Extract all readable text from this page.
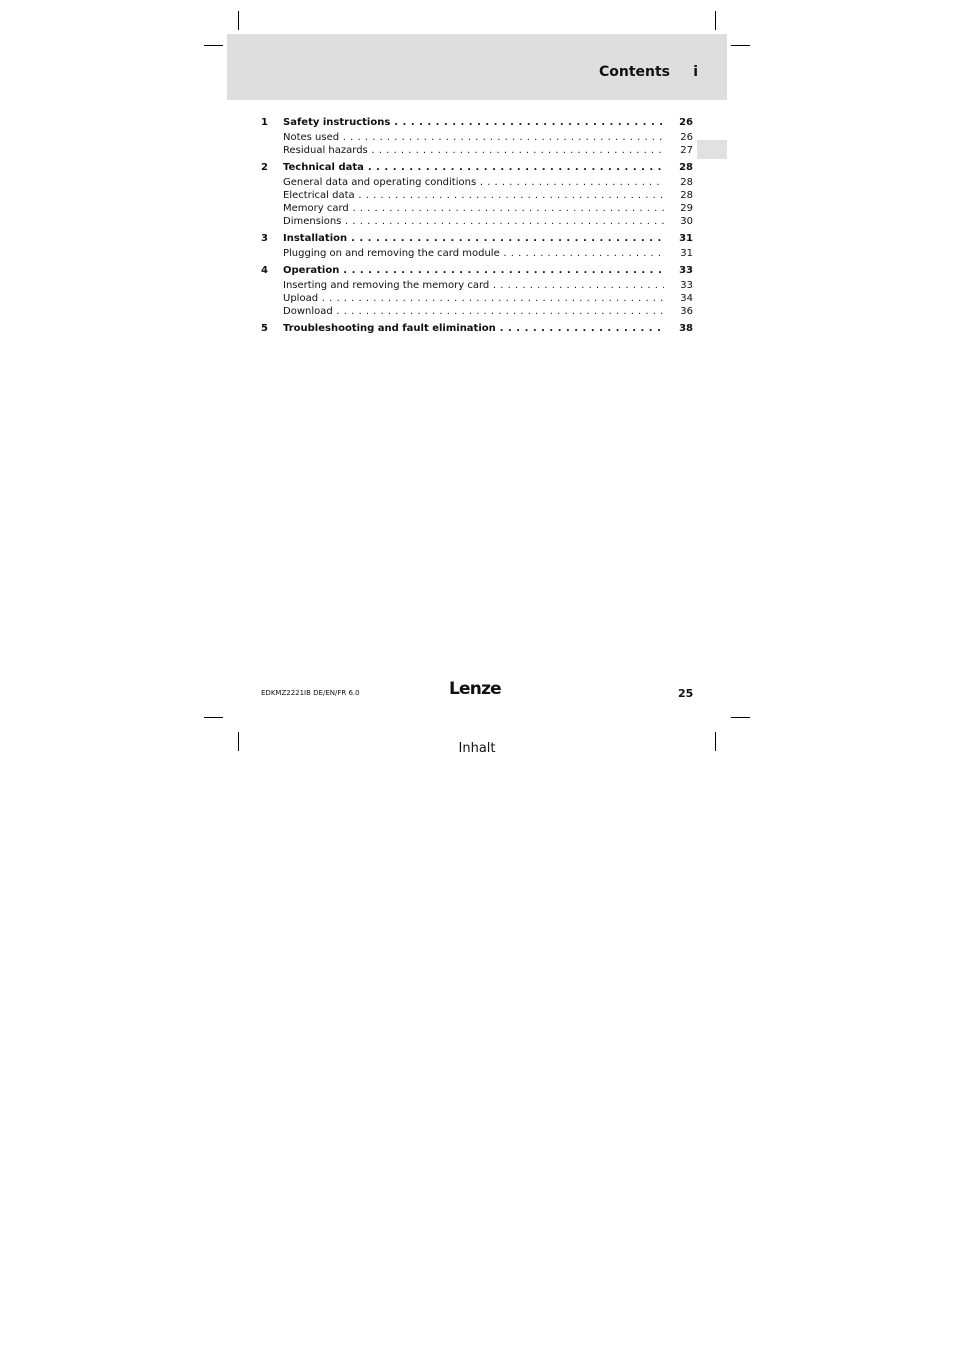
Contents i
1 Safety instructions . . .	26
Notes used . . .	26
Residual hazards . . .	27
2 Technical data . . .	28
General data and operating conditions . . .	28
Electrical data . . .	28
Memory card . . .	29
Dimensions . . .	30
3 Installation . . .	31
Plugging on and removing the card module . . .	31
4 Operation . . .	33
Inserting and removing the memory card . . .	33
Upload . . .	34
Download . . .	36
5 Troubleshooting and fault elimination . . .	38
EDKMZ2221IB DE/EN/FR 6.0	Lenze	25
Inhalt
